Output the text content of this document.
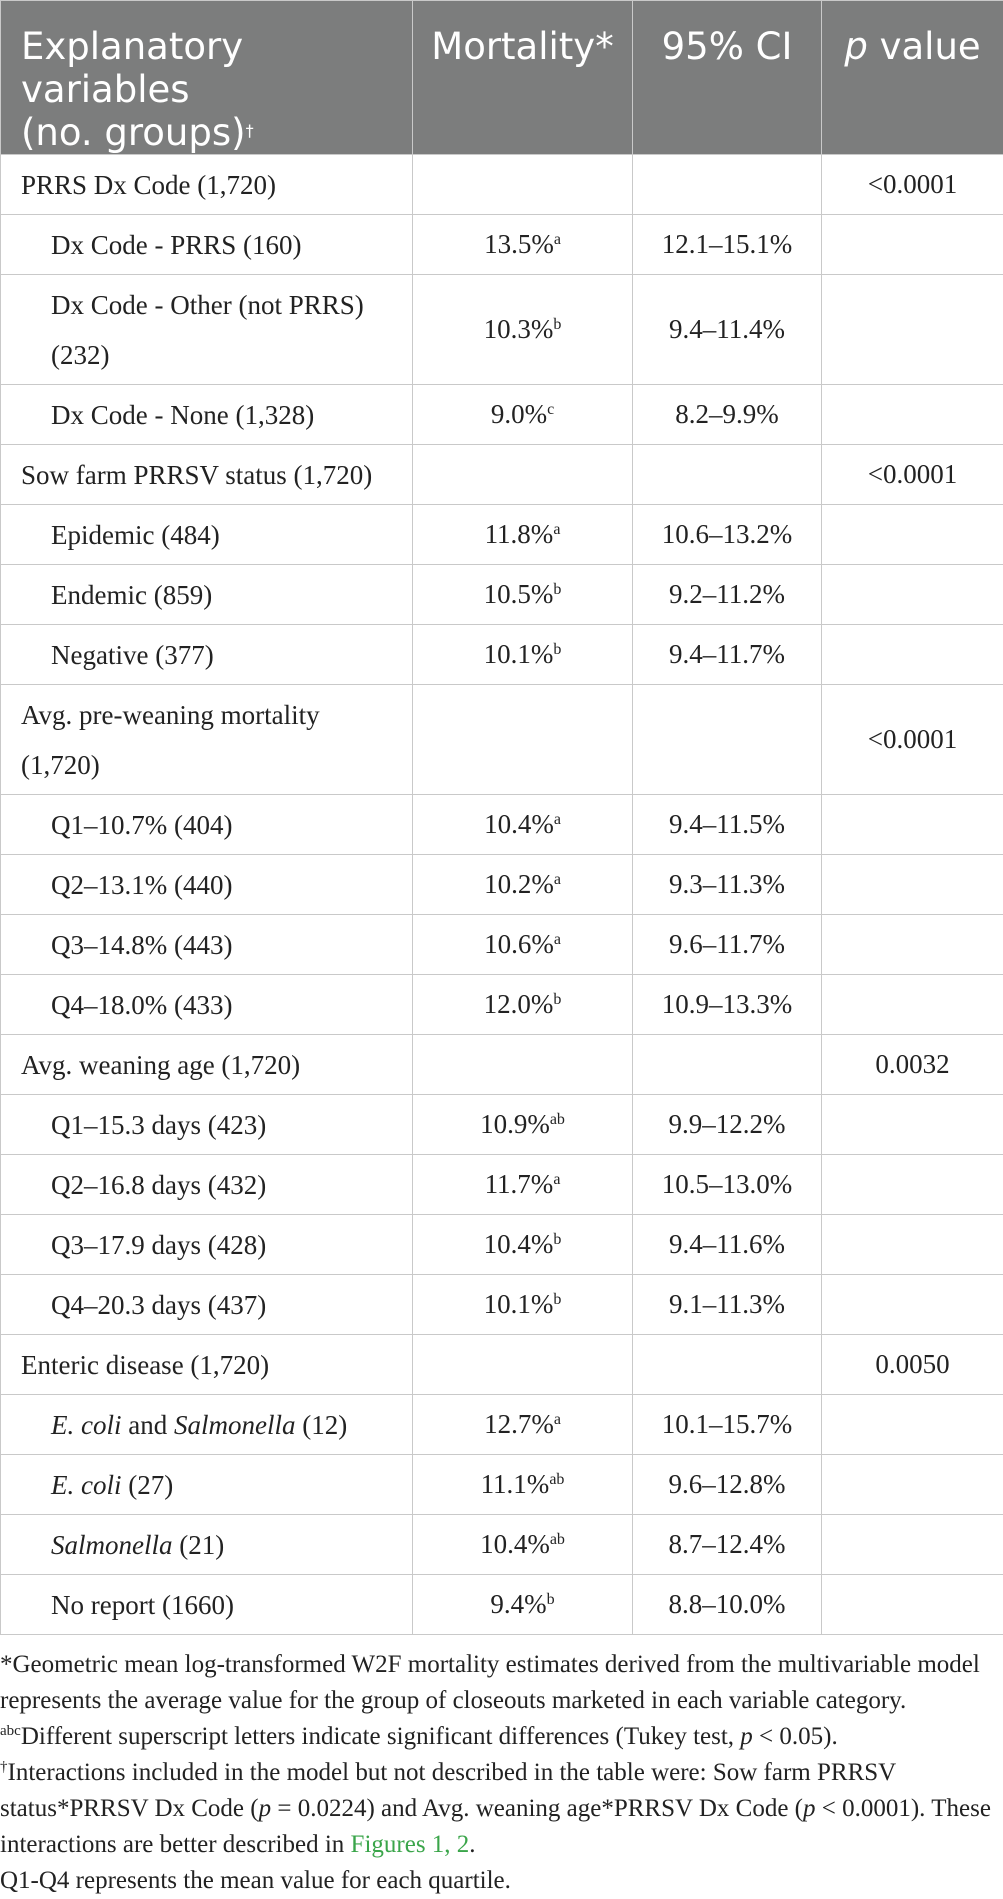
Explanatory variables
(no. groups)†	Mortality*	95% CI	p value
PRRS Dx Code (1,720)			<0.0001
Dx Code - PRRS (160)	13.5%$^a$	12.1–15.1%	
Dx Code - Other (not PRRS) (232)	10.3%$^b$	9.4–11.4%	
Dx Code - None (1,328)	9.0%$^c$	8.2–9.9%	
Sow farm PRRSV status (1,720)			<0.0001
Epidemic (484)	11.8%$^a$	10.6–13.2%	
Endemic (859)	10.5%$^b$	9.2–11.2%	
Negative (377)	10.1%$^b$	9.4–11.7%	
Avg. pre-weaning mortality (1,720)			<0.0001
Q1–10.7% (404)	10.4%$^a$	9.4–11.5%	
Q2–13.1% (440)	10.2%$^a$	9.3–11.3%	
Q3–14.8% (443)	10.6%$^a$	9.6–11.7%	
Q4–18.0% (433)	12.0%$^b$	10.9–13.3%	
Avg. weaning age (1,720)			0.0032
Q1–15.3 days (423)	10.9%$^{ab}$	9.9–12.2%	
Q2–16.8 days (432)	11.7%$^a$	10.5–13.0%	
Q3–17.9 days (428)	10.4%$^b$	9.4–11.6%	
Q4–20.3 days (437)	10.1%$^b$	9.1–11.3%	
Enteric disease (1,720)			0.0050
E. coli and Salmonella (12)	12.7%$^a$	10.1–15.7%	
E. coli (27)	11.1%$^{ab}$	9.6–12.8%	
Salmonella (21)	10.4%$^{ab}$	8.7–12.4%	
No report (1660)	9.4%$^b$	8.8–10.0%	

*Geometric mean log-transformed W2F mortality estimates derived from the multivariable model represents the average value for the group of closeouts marketed in each variable category.

$^{abc}$Different superscript letters indicate significant differences (Tukey test, p < 0.05).

†Interactions included in the model but not described in the table were: Sow farm PRRSV status*PRRSV Dx Code (p = 0.0224) and Avg. weaning age*PRRSV Dx Code (p < 0.0001). These interactions are better described in Figures 1, 2.

Q1-Q4 represents the mean value for each quartile.
